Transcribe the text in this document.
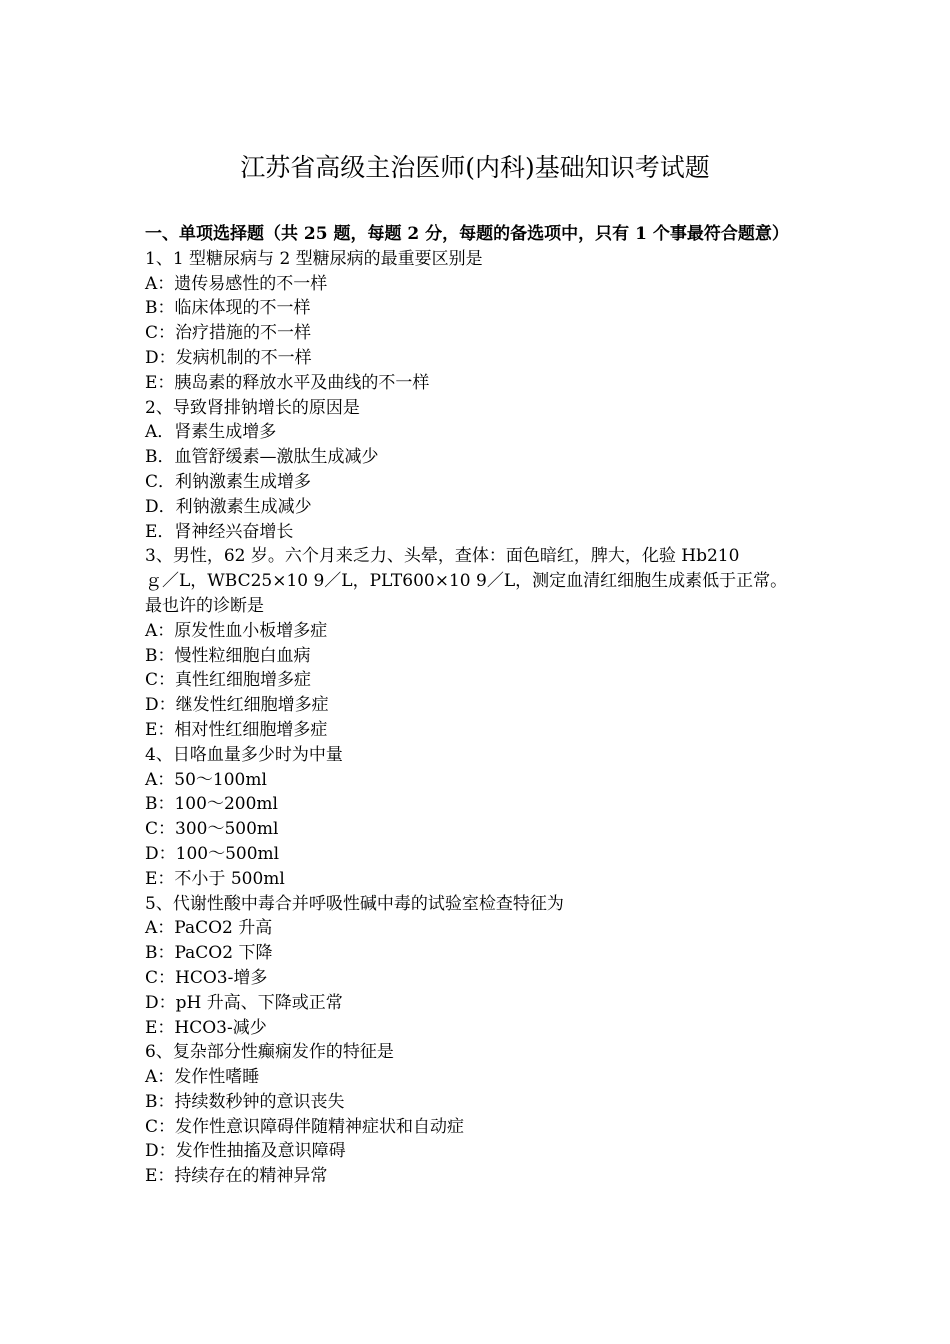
江苏省高级主治医师(内科)基础知识考试题

一、单项选择题（共 25 题，每题 2 分，每题的备选项中，只有 1 个事最符合题意）

1、1 型糖尿病与 2 型糖尿病的最重要区别是

A：遗传易感性的不一样

B：临床体现的不一样

C：治疗措施的不一样

D：发病机制的不一样

E：胰岛素的释放水平及曲线的不一样

2、导致肾排钠增长的原因是

A．肾素生成增多

B．血管舒缓素—激肽生成减少

C．利钠激素生成增多

D．利钠激素生成减少

E．肾神经兴奋增长

3、男性，62 岁。六个月来乏力、头晕，查体：面色暗红，脾大，化验 Hb210

ｇ／L，WBC25×10 9／L，PLT600×10 9／L，测定血清红细胞生成素低于正常。

最也许的诊断是

A：原发性血小板增多症

B：慢性粒细胞白血病

C：真性红细胞增多症

D：继发性红细胞增多症

E：相对性红细胞增多症

4、日咯血量多少时为中量

A：50～100ml

B：100～200ml

C：300～500ml

D：100～500ml

E：不小于 500ml

5、代谢性酸中毒合并呼吸性碱中毒的试验室检查特征为

A：PaCO2 升高

B：PaCO2 下降

C：HCO3-增多

D：pH 升高、下降或正常

E：HCO3-减少

6、复杂部分性癫痫发作的特征是

A：发作性嗜睡

B：持续数秒钟的意识丧失

C：发作性意识障碍伴随精神症状和自动症

D：发作性抽搐及意识障碍

E：持续存在的精神异常
